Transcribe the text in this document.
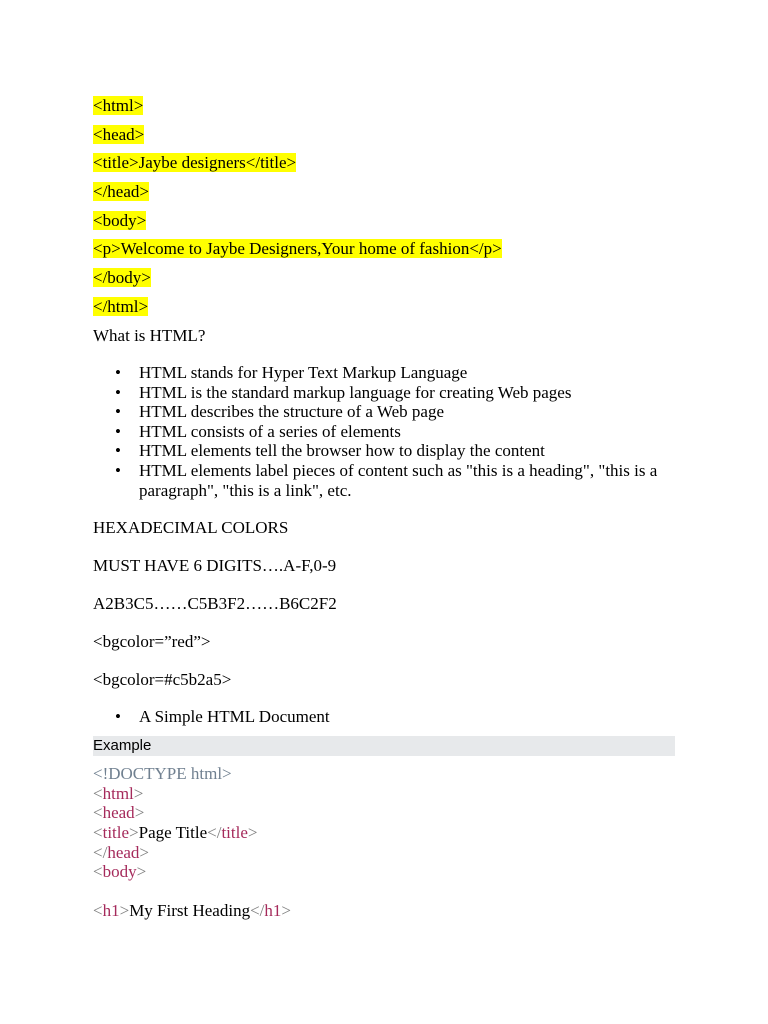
<html>
<head>
<title>Jaybe designers</title>
</head>
<body>
<p>Welcome to Jaybe Designers,Your home of fashion</p>
</body>
</html>
What is HTML?
• HTML stands for Hyper Text Markup Language
• HTML is the standard markup language for creating Web pages
• HTML describes the structure of a Web page
• HTML consists of a series of elements
• HTML elements tell the browser how to display the content
• HTML elements label pieces of content such as "this is a heading", "this is a paragraph", "this is a link", etc.
HEXADECIMAL COLORS
MUST HAVE 6 DIGITS….A-F,0-9
A2B3C5……C5B3F2……B6C2F2
<bgcolor=”red”>
<bgcolor=#c5b2a5>
• A Simple HTML Document
Example
<!DOCTYPE html>
<html>
<head>
<title>Page Title</title>
</head>
<body>
<h1>My First Heading</h1>
